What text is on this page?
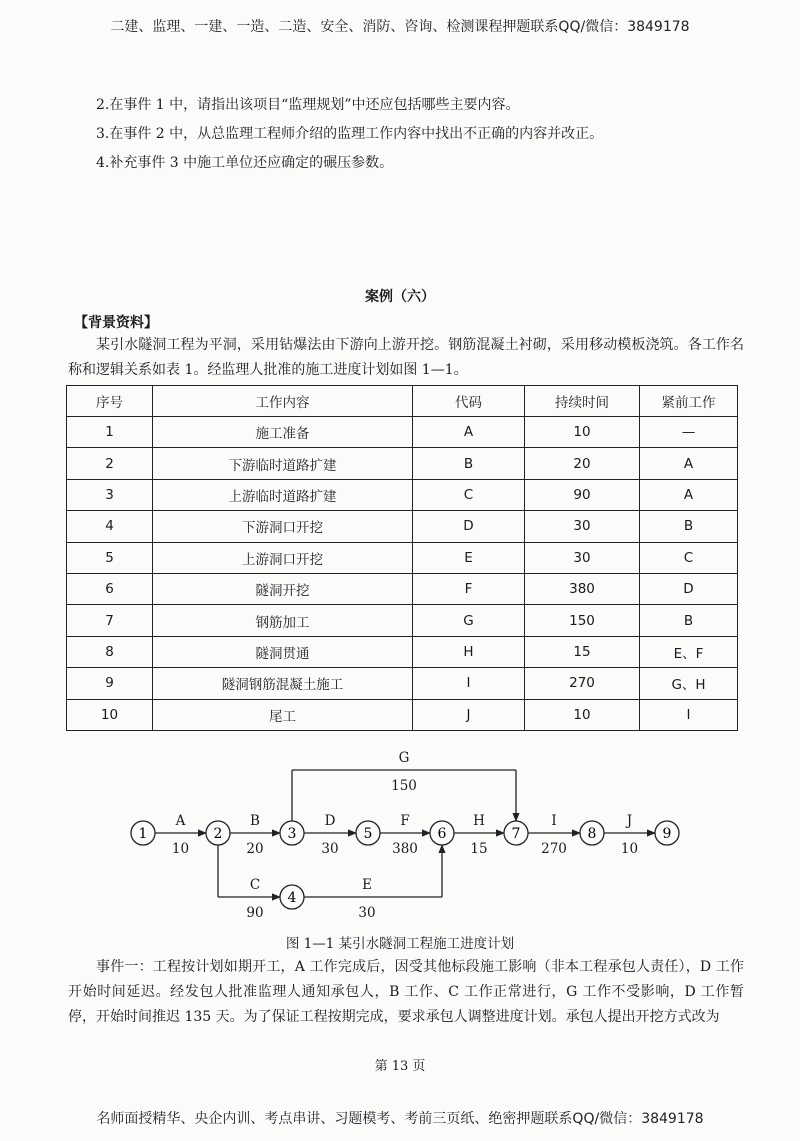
二建、监理、一建、一造、二造、安全、消防、咨询、检测课程押题联系QQ/微信：3849178
2.在事件 1 中，请指出该项目“监理规划”中还应包括哪些主要内容。
3.在事件 2 中，从总监理工程师介绍的监理工作内容中找出不正确的内容并改正。
4.补充事件 3 中施工单位还应确定的碾压参数。
案例（六）
【背景资料】
某引水隧洞工程为平洞，采用钻爆法由下游向上游开挖。钢筋混凝土衬砌，采用移动模板浇筑。各工作名称和逻辑关系如表 1。经监理人批准的施工进度计划如图 1—1。
序号	工作内容	代码	持续时间	紧前工作
1	施工准备	A	10	—
2	下游临时道路扩建	B	20	A
3	上游临时道路扩建	C	90	A
4	下游洞口开挖	D	30	B
5	上游洞口开挖	E	30	C
6	隧洞开挖	F	380	D
7	钢筋加工	G	150	B
8	隧洞贯通	H	15	E、F
9	隧洞钢筋混凝土施工	I	270	G、H
10	尾工	J	10	I
1	2	3
4
5	6	7	8	9
A
10
B
20
D
30
F
380
H
15
I
270
J
10
G
150
C
90
E
30
图 1—1 某引水隧洞工程施工进度计划
事件一：工程按计划如期开工，A 工作完成后，因受其他标段施工影响（非本工程承包人责任），D 工作开始时间延迟。经发包人批准监理人通知承包人，B 工作、C 工作正常进行，G 工作不受影响，D 工作暂停，开始时间推迟 135 天。为了保证工程按期完成，要求承包人调整进度计划。承包人提出开挖方式改为
第 13 页
名师面授精华、央企内训、考点串讲、习题模考、考前三页纸、绝密押题联系QQ/微信：3849178
